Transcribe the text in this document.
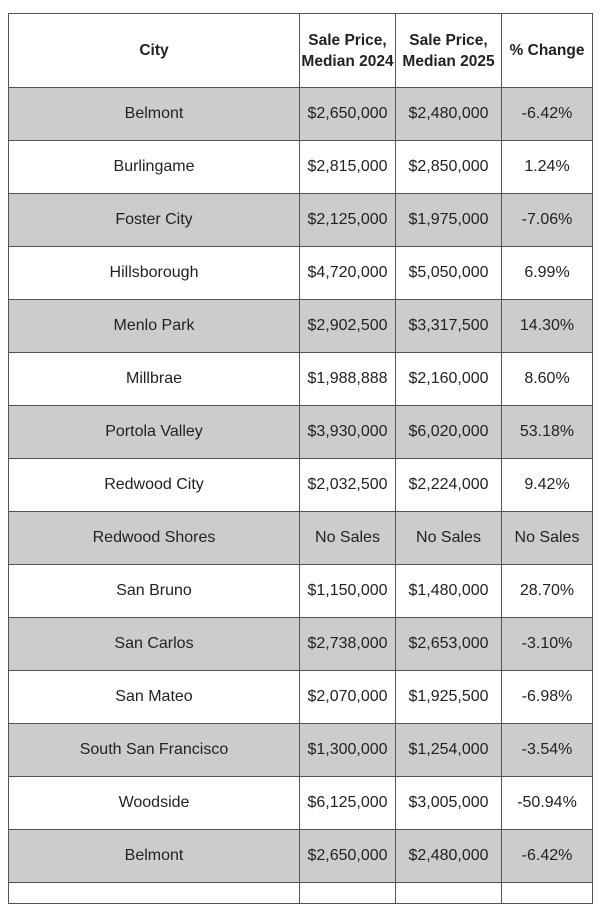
City	Sale Price, Median 2024	Sale Price, Median 2025	% Change
Belmont	$2,650,000	$2,480,000	-6.42%
Burlingame	$2,815,000	$2,850,000	1.24%
Foster City	$2,125,000	$1,975,000	-7.06%
Hillsborough	$4,720,000	$5,050,000	6.99%
Menlo Park	$2,902,500	$3,317,500	14.30%
Millbrae	$1,988,888	$2,160,000	8.60%
Portola Valley	$3,930,000	$6,020,000	53.18%
Redwood City	$2,032,500	$2,224,000	9.42%
Redwood Shores	No Sales	No Sales	No Sales
San Bruno	$1,150,000	$1,480,000	28.70%
San Carlos	$2,738,000	$2,653,000	-3.10%
San Mateo	$2,070,000	$1,925,500	-6.98%
South San Francisco	$1,300,000	$1,254,000	-3.54%
Woodside	$6,125,000	$3,005,000	-50.94%
Belmont	$2,650,000	$2,480,000	-6.42%
